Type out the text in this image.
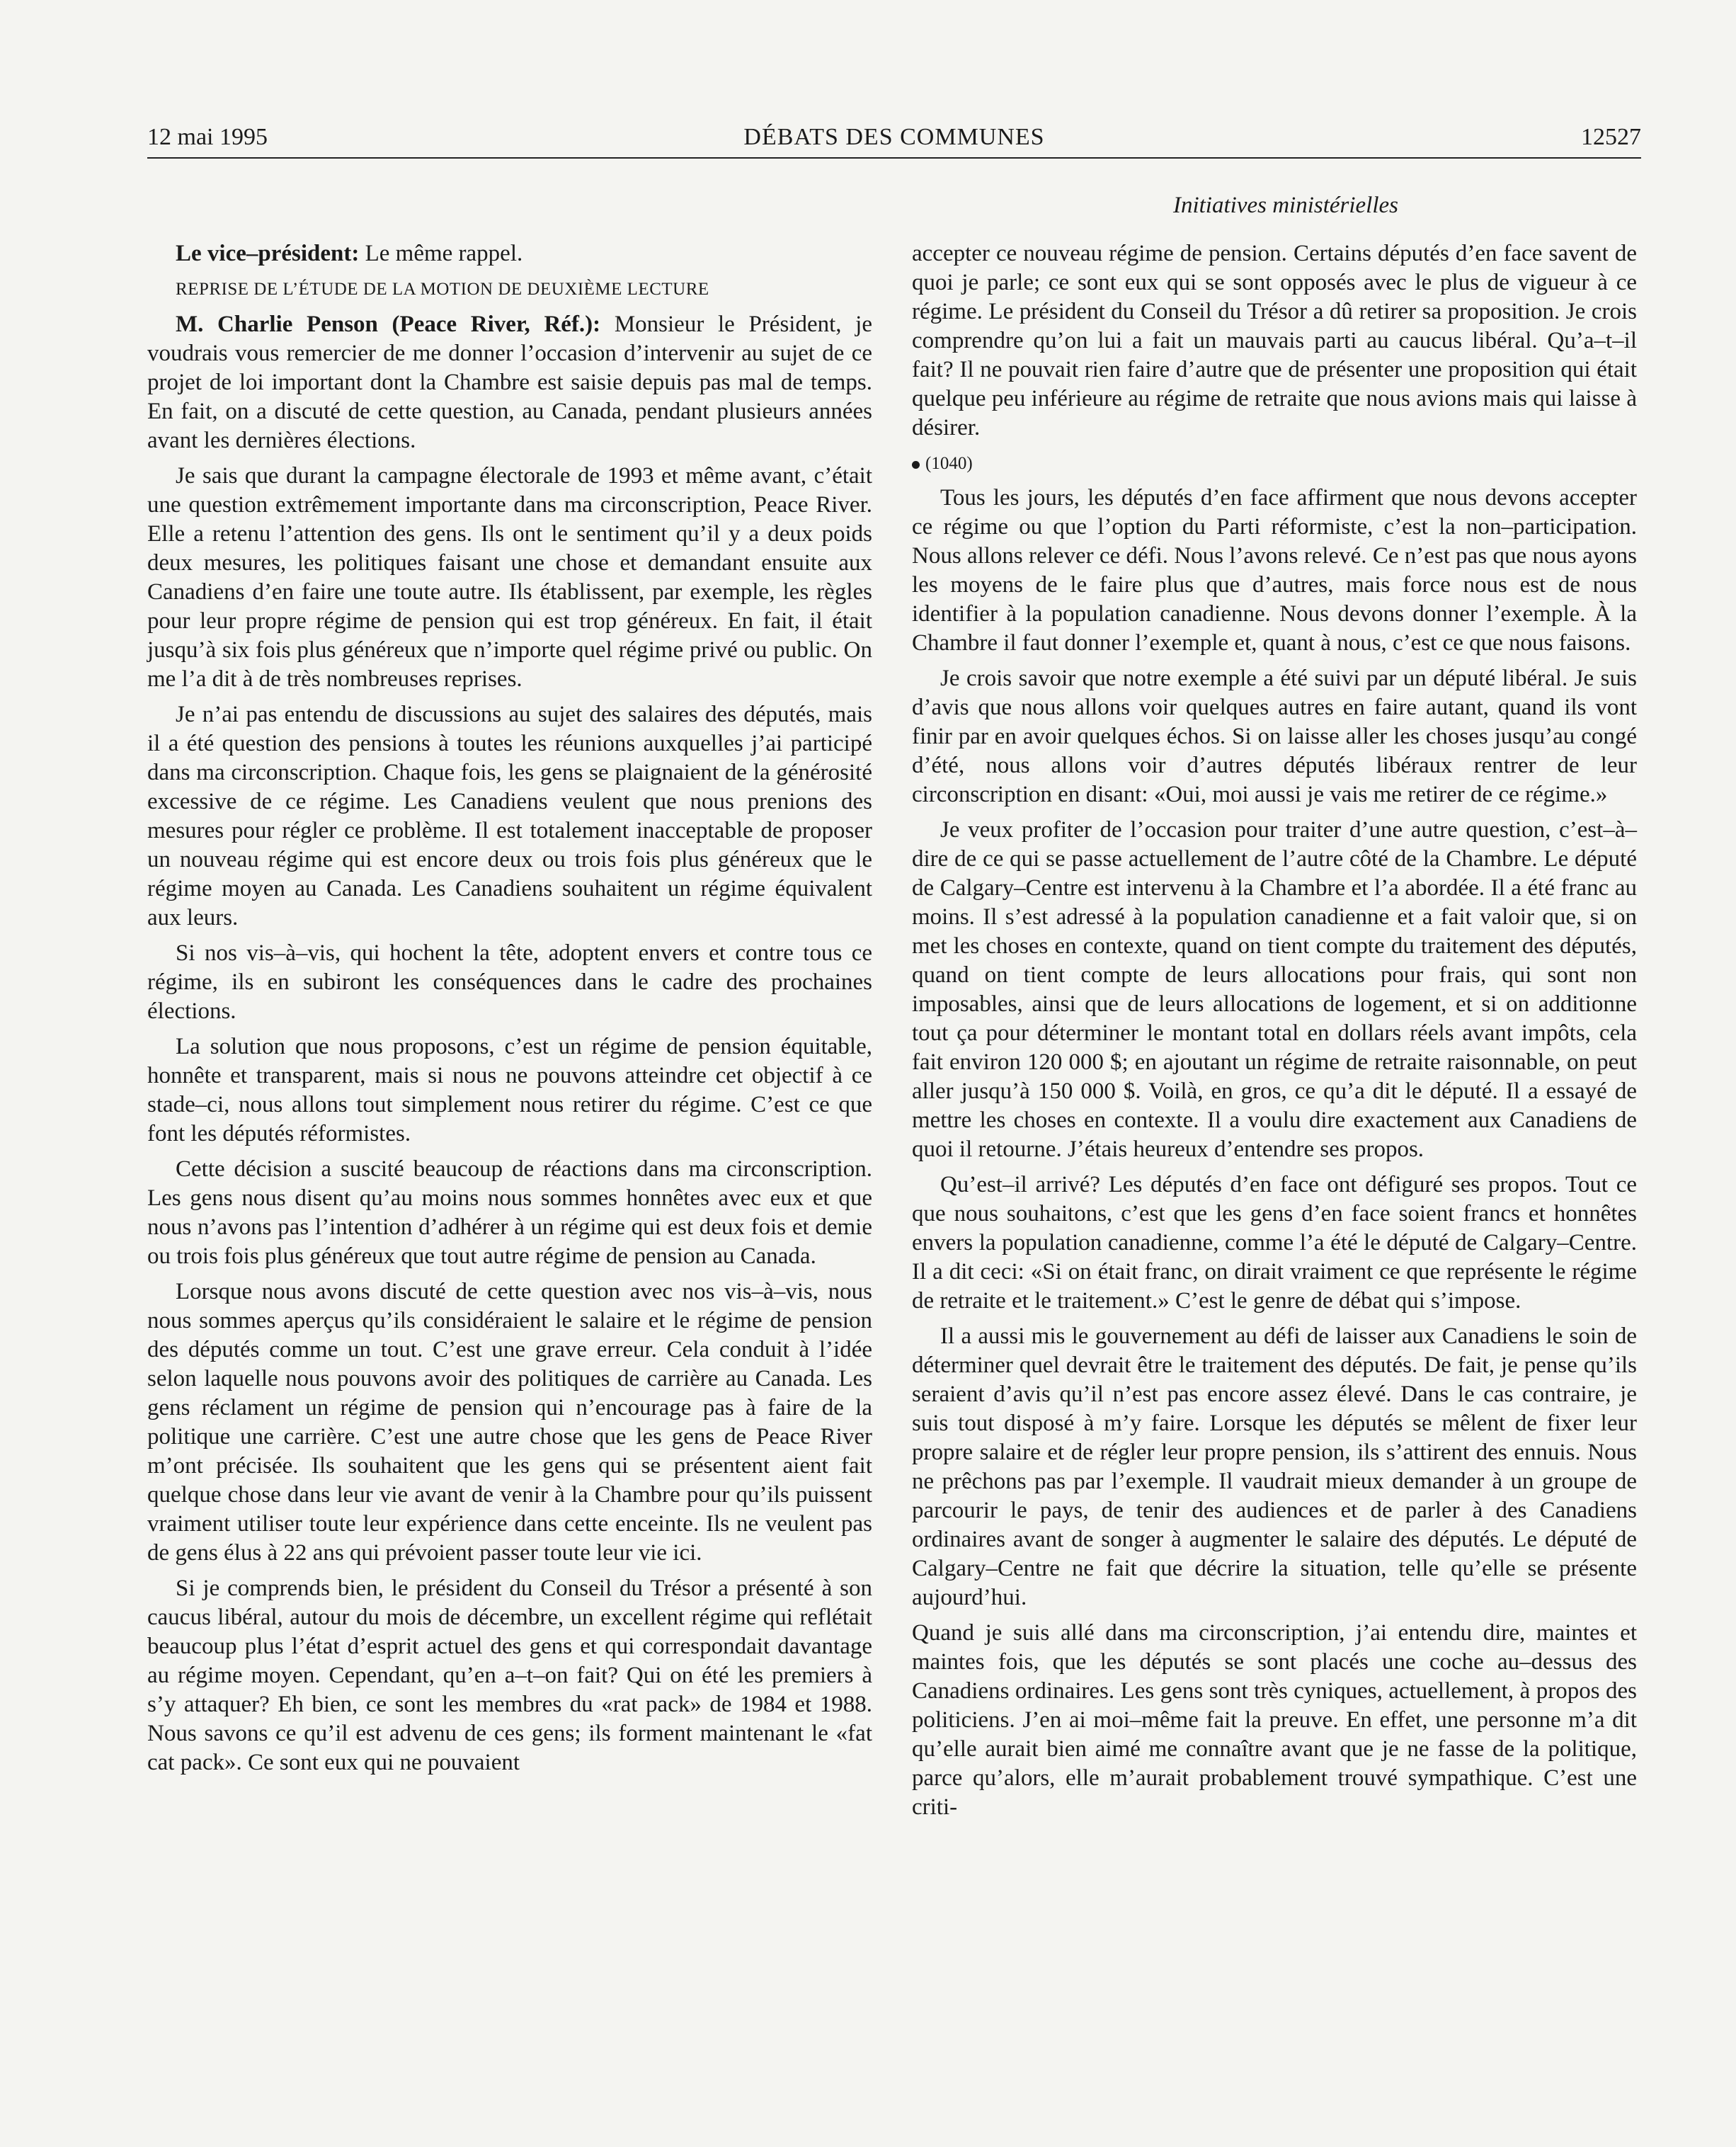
12 mai 1995	DÉBATS DES COMMUNES	12527
Initiatives ministérielles

Le vice–président: Le même rappel.

REPRISE DE L’ÉTUDE DE LA MOTION DE DEUXIÈME LECTURE

M. Charlie Penson (Peace River, Réf.): Monsieur le Président, je voudrais vous remercier de me donner l’occasion d’intervenir au sujet de ce projet de loi important dont la Chambre est saisie depuis pas mal de temps. En fait, on a discuté de cette question, au Canada, pendant plusieurs années avant les dernières élections.

Je sais que durant la campagne électorale de 1993 et même avant, c’était une question extrêmement importante dans ma circonscription, Peace River. Elle a retenu l’attention des gens. Ils ont le sentiment qu’il y a deux poids deux mesures, les politiques faisant une chose et demandant ensuite aux Canadiens d’en faire une toute autre. Ils établissent, par exemple, les règles pour leur propre régime de pension qui est trop généreux. En fait, il était jusqu’à six fois plus généreux que n’importe quel régime privé ou public. On me l’a dit à de très nombreuses reprises.

Je n’ai pas entendu de discussions au sujet des salaires des députés, mais il a été question des pensions à toutes les réunions auxquelles j’ai participé dans ma circonscription. Chaque fois, les gens se plaignaient de la générosité excessive de ce régime. Les Canadiens veulent que nous prenions des mesures pour régler ce problème. Il est totalement inacceptable de proposer un nouveau régime qui est encore deux ou trois fois plus généreux que le régime moyen au Canada. Les Canadiens souhaitent un régime équivalent aux leurs.

Si nos vis–à–vis, qui hochent la tête, adoptent envers et contre tous ce régime, ils en subiront les conséquences dans le cadre des prochaines élections.

La solution que nous proposons, c’est un régime de pension équitable, honnête et transparent, mais si nous ne pouvons atteindre cet objectif à ce stade–ci, nous allons tout simplement nous retirer du régime. C’est ce que font les députés réformistes.

Cette décision a suscité beaucoup de réactions dans ma circonscription. Les gens nous disent qu’au moins nous sommes honnêtes avec eux et que nous n’avons pas l’intention d’adhérer à un régime qui est deux fois et demie ou trois fois plus généreux que tout autre régime de pension au Canada.

Lorsque nous avons discuté de cette question avec nos vis–à–vis, nous nous sommes aperçus qu’ils considéraient le salaire et le régime de pension des députés comme un tout. C’est une grave erreur. Cela conduit à l’idée selon laquelle nous pouvons avoir des politiques de carrière au Canada. Les gens réclament un régime de pension qui n’encourage pas à faire de la politique une carrière. C’est une autre chose que les gens de Peace River m’ont précisée. Ils souhaitent que les gens qui se présentent aient fait quelque chose dans leur vie avant de venir à la Chambre pour qu’ils puissent vraiment utiliser toute leur expérience dans cette enceinte. Ils ne veulent pas de gens élus à 22 ans qui prévoient passer toute leur vie ici.

Si je comprends bien, le président du Conseil du Trésor a présenté à son caucus libéral, autour du mois de décembre, un excellent régime qui reflétait beaucoup plus l’état d’esprit actuel des gens et qui correspondait davantage au régime moyen. Cependant, qu’en a–t–on fait? Qui on été les premiers à s’y attaquer? Eh bien, ce sont les membres du «rat pack» de 1984 et 1988. Nous savons ce qu’il est advenu de ces gens; ils forment maintenant le «fat cat pack». Ce sont eux qui ne pouvaient

accepter ce nouveau régime de pension. Certains députés d’en face savent de quoi je parle; ce sont eux qui se sont opposés avec le plus de vigueur à ce régime. Le président du Conseil du Trésor a dû retirer sa proposition. Je crois comprendre qu’on lui a fait un mauvais parti au caucus libéral. Qu’a–t–il fait? Il ne pouvait rien faire d’autre que de présenter une proposition qui était quelque peu inférieure au régime de retraite que nous avions mais qui laisse à désirer.

(1040)

Tous les jours, les députés d’en face affirment que nous devons accepter ce régime ou que l’option du Parti réformiste, c’est la non–participation. Nous allons relever ce défi. Nous l’avons relevé. Ce n’est pas que nous ayons les moyens de le faire plus que d’autres, mais force nous est de nous identifier à la population canadienne. Nous devons donner l’exemple. À la Chambre il faut donner l’exemple et, quant à nous, c’est ce que nous faisons.

Je crois savoir que notre exemple a été suivi par un député libéral. Je suis d’avis que nous allons voir quelques autres en faire autant, quand ils vont finir par en avoir quelques échos. Si on laisse aller les choses jusqu’au congé d’été, nous allons voir d’autres députés libéraux rentrer de leur circonscription en disant: «Oui, moi aussi je vais me retirer de ce régime.»

Je veux profiter de l’occasion pour traiter d’une autre question, c’est–à–dire de ce qui se passe actuellement de l’autre côté de la Chambre. Le député de Calgary–Centre est intervenu à la Chambre et l’a abordée. Il a été franc au moins. Il s’est adressé à la population canadienne et a fait valoir que, si on met les choses en contexte, quand on tient compte du traitement des députés, quand on tient compte de leurs allocations pour frais, qui sont non imposables, ainsi que de leurs allocations de logement, et si on additionne tout ça pour déterminer le montant total en dollars réels avant impôts, cela fait environ 120 000 $; en ajoutant un régime de retraite raisonnable, on peut aller jusqu’à 150 000 $. Voilà, en gros, ce qu’a dit le député. Il a essayé de mettre les choses en contexte. Il a voulu dire exactement aux Canadiens de quoi il retourne. J’étais heureux d’entendre ses propos.

Qu’est–il arrivé? Les députés d’en face ont défiguré ses propos. Tout ce que nous souhaitons, c’est que les gens d’en face soient francs et honnêtes envers la population canadienne, comme l’a été le député de Calgary–Centre. Il a dit ceci: «Si on était franc, on dirait vraiment ce que représente le régime de retraite et le traitement.» C’est le genre de débat qui s’impose.

Il a aussi mis le gouvernement au défi de laisser aux Canadiens le soin de déterminer quel devrait être le traitement des députés. De fait, je pense qu’ils seraient d’avis qu’il n’est pas encore assez élevé. Dans le cas contraire, je suis tout disposé à m’y faire. Lorsque les députés se mêlent de fixer leur propre salaire et de régler leur propre pension, ils s’attirent des ennuis. Nous ne prêchons pas par l’exemple. Il vaudrait mieux demander à un groupe de parcourir le pays, de tenir des audiences et de parler à des Canadiens ordinaires avant de songer à augmenter le salaire des députés. Le député de Calgary–Centre ne fait que décrire la situation, telle qu’elle se présente aujourd’hui.

Quand je suis allé dans ma circonscription, j’ai entendu dire, maintes et maintes fois, que les députés se sont placés une coche au–dessus des Canadiens ordinaires. Les gens sont très cyniques, actuellement, à propos des politiciens. J’en ai moi–même fait la preuve. En effet, une personne m’a dit qu’elle aurait bien aimé me connaître avant que je ne fasse de la politique, parce qu’alors, elle m’aurait probablement trouvé sympathique. C’est une criti-
